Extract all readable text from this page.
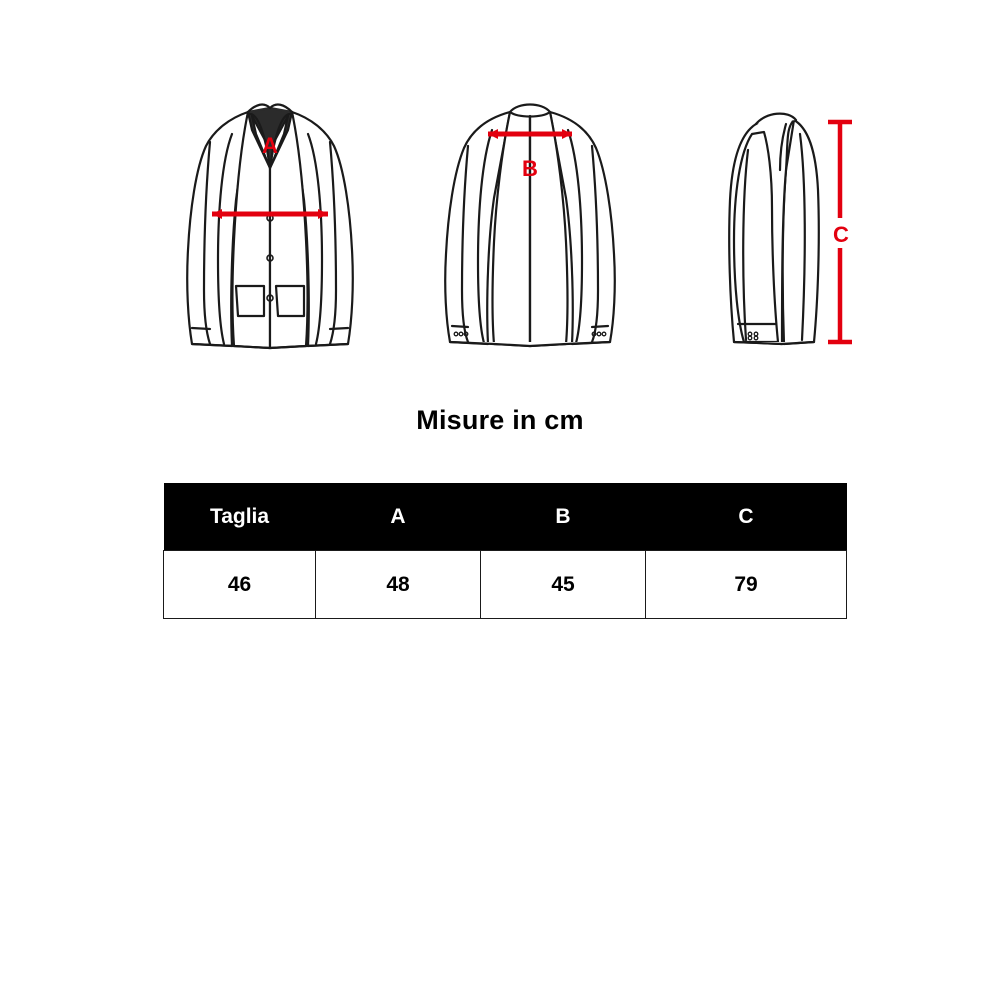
A
B
C
Misure in cm
Taglia	A	B	C
46	48	45	79
